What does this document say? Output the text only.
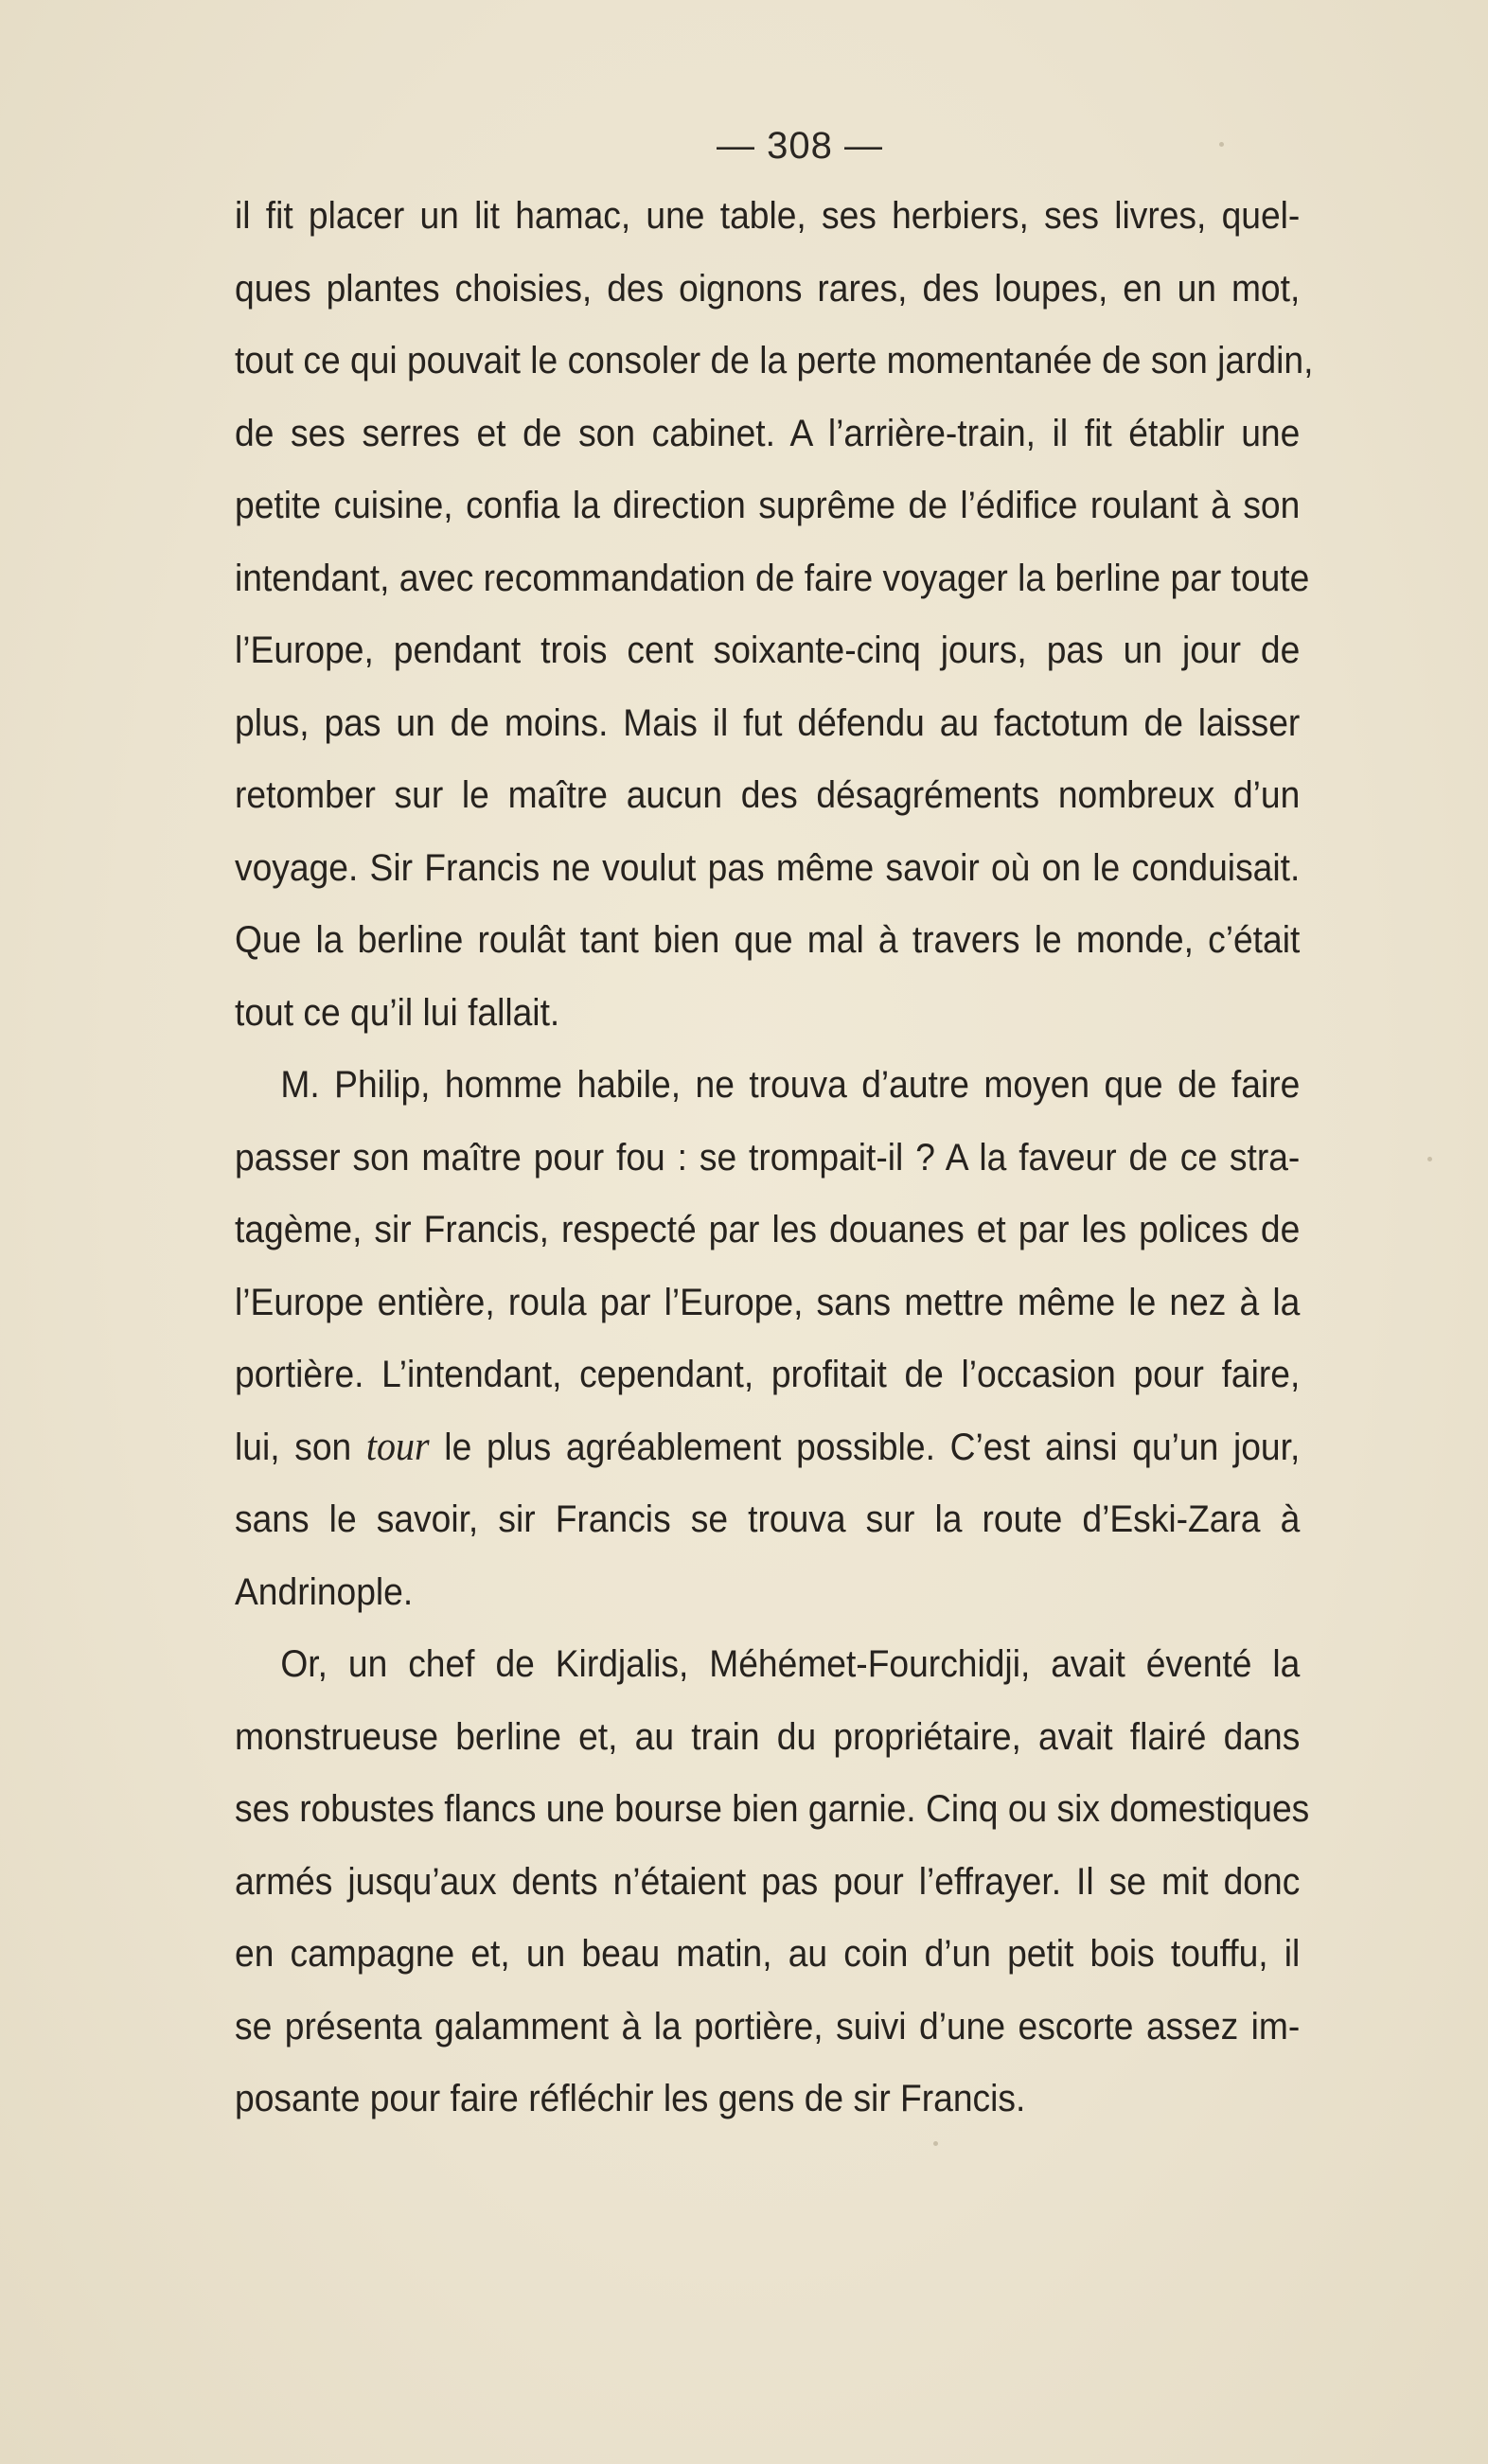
— 308 —
il fit placer un lit hamac, une table, ses herbiers, ses livres, quel-
ques plantes choisies, des oignons rares, des loupes, en un mot,
tout ce qui pouvait le consoler de la perte momentanée de son jardin,
de ses serres et de son cabinet. A l’arrière-train, il fit établir une
petite cuisine, confia la direction suprême de l’édifice roulant à son
intendant, avec recommandation de faire voyager la berline par toute
l’Europe, pendant trois cent soixante-cinq jours, pas un jour de
plus, pas un de moins. Mais il fut défendu au factotum de laisser
retomber sur le maître aucun des désagréments nombreux d’un
voyage. Sir Francis ne voulut pas même savoir où on le conduisait.
Que la berline roulât tant bien que mal à travers le monde, c’était
tout ce qu’il lui fallait.
M. Philip, homme habile, ne trouva d’autre moyen que de faire
passer son maître pour fou : se trompait-il ? A la faveur de ce stra-
tagème, sir Francis, respecté par les douanes et par les polices de
l’Europe entière, roula par l’Europe, sans mettre même le nez à la
portière. L’intendant, cependant, profitait de l’occasion pour faire,
lui, son tour le plus agréablement possible. C’est ainsi qu’un jour,
sans le savoir, sir Francis se trouva sur la route d’Eski-Zara à
Andrinople.
Or, un chef de Kirdjalis, Méhémet-Fourchidji, avait éventé la
monstrueuse berline et, au train du propriétaire, avait flairé dans
ses robustes flancs une bourse bien garnie. Cinq ou six domestiques
armés jusqu’aux dents n’étaient pas pour l’effrayer. Il se mit donc
en campagne et, un beau matin, au coin d’un petit bois touffu, il
se présenta galamment à la portière, suivi d’une escorte assez im-
posante pour faire réfléchir les gens de sir Francis.
